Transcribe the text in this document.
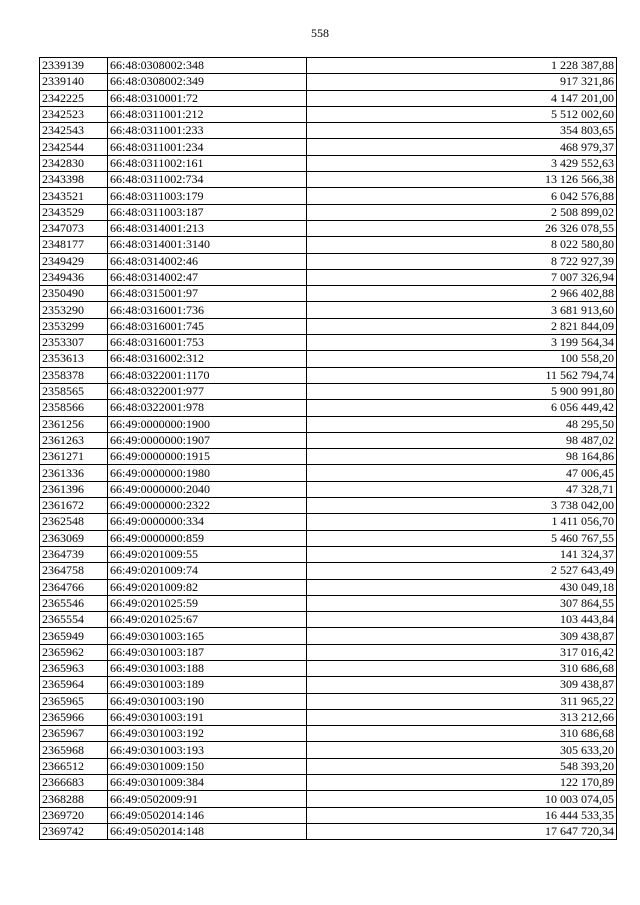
558
2339139	66:48:0308002:348	1 228 387,88
2339140	66:48:0308002:349	917 321,86
2342225	66:48:0310001:72	4 147 201,00
2342523	66:48:0311001:212	5 512 002,60
2342543	66:48:0311001:233	354 803,65
2342544	66:48:0311001:234	468 979,37
2342830	66:48:0311002:161	3 429 552,63
2343398	66:48:0311002:734	13 126 566,38
2343521	66:48:0311003:179	6 042 576,88
2343529	66:48:0311003:187	2 508 899,02
2347073	66:48:0314001:213	26 326 078,55
2348177	66:48:0314001:3140	8 022 580,80
2349429	66:48:0314002:46	8 722 927,39
2349436	66:48:0314002:47	7 007 326,94
2350490	66:48:0315001:97	2 966 402,88
2353290	66:48:0316001:736	3 681 913,60
2353299	66:48:0316001:745	2 821 844,09
2353307	66:48:0316001:753	3 199 564,34
2353613	66:48:0316002:312	100 558,20
2358378	66:48:0322001:1170	11 562 794,74
2358565	66:48:0322001:977	5 900 991,80
2358566	66:48:0322001:978	6 056 449,42
2361256	66:49:0000000:1900	48 295,50
2361263	66:49:0000000:1907	98 487,02
2361271	66:49:0000000:1915	98 164,86
2361336	66:49:0000000:1980	47 006,45
2361396	66:49:0000000:2040	47 328,71
2361672	66:49:0000000:2322	3 738 042,00
2362548	66:49:0000000:334	1 411 056,70
2363069	66:49:0000000:859	5 460 767,55
2364739	66:49:0201009:55	141 324,37
2364758	66:49:0201009:74	2 527 643,49
2364766	66:49:0201009:82	430 049,18
2365546	66:49:0201025:59	307 864,55
2365554	66:49:0201025:67	103 443,84
2365949	66:49:0301003:165	309 438,87
2365962	66:49:0301003:187	317 016,42
2365963	66:49:0301003:188	310 686,68
2365964	66:49:0301003:189	309 438,87
2365965	66:49:0301003:190	311 965,22
2365966	66:49:0301003:191	313 212,66
2365967	66:49:0301003:192	310 686,68
2365968	66:49:0301003:193	305 633,20
2366512	66:49:0301009:150	548 393,20
2366683	66:49:0301009:384	122 170,89
2368288	66:49:0502009:91	10 003 074,05
2369720	66:49:0502014:146	16 444 533,35
2369742	66:49:0502014:148	17 647 720,34
